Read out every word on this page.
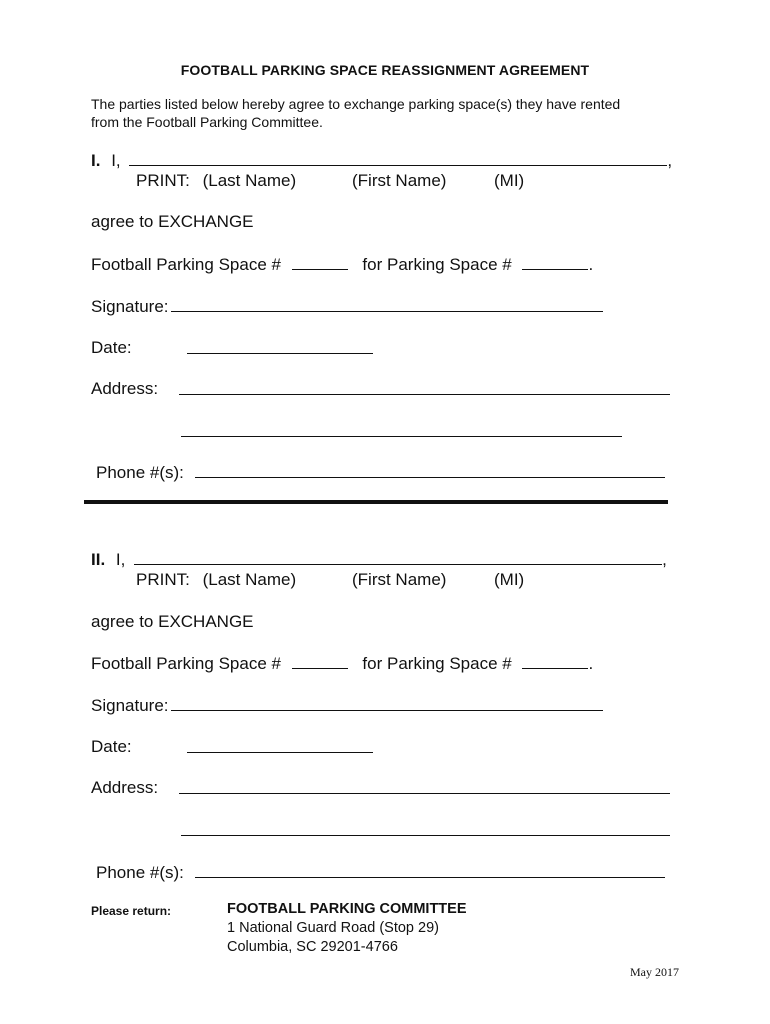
FOOTBALL PARKING SPACE REASSIGNMENT AGREEMENT
The parties listed below hereby agree to exchange parking space(s) they have rented
from the Football Parking Committee.
I. I,	,
PRINT: (Last Name)	(First Name)	(MI)
agree to EXCHANGE
Football Parking Space #	for Parking Space #	.
Signature:
Date:
Address:
Phone #(s):
II. I,	,
PRINT: (Last Name)	(First Name)	(MI)
agree to EXCHANGE
Football Parking Space #	for Parking Space #	.
Signature:
Date:
Address:
Phone #(s):
Please return:	FOOTBALL PARKING COMMITTEE
1 National Guard Road (Stop 29)
Columbia, SC 29201-4766
May 2017
